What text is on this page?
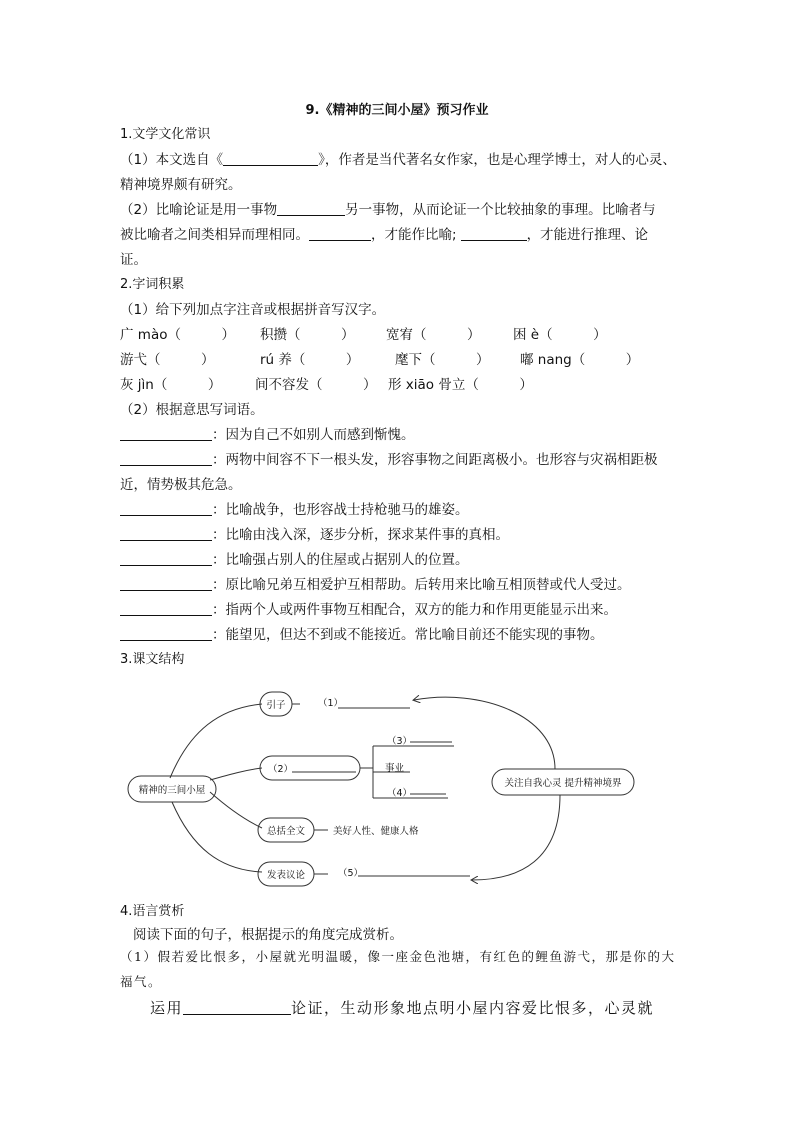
9.《精神的三间小屋》预习作业
1.文学文化常识
（1）本文选自《	》，作者是当代著名女作家，也是心理学博士，对人的心灵、
精神境界颇有研究。
（2）比喻论证是用一事物	另一事物，从而论证一个比较抽象的事理。比喻者与
被比喻者之间类相异而理相同。	，才能作比喻;	，才能进行推理、论
证。
2.字词积累
（1）给下列加点字注音或根据拼音写汉字。
广 mào（　　　） 积攒（　　　） 宽宥（　　　） 困 è（　　　）
游弋（　　　）	rú 养（　　　）	麾下（　　　） 嘟 nang（　　　）
灰 jìn（　　　） 间不容发（　　　） 形 xiāo 骨立（　　　）
（2）根据意思写词语。
：因为自己不如别人而感到惭愧。
：两物中间容不下一根头发，形容事物之间距离极小。也形容与灾祸相距极
近，情势极其危急。
：比喻战争，也形容战士持枪驰马的雄姿。
：比喻由浅入深，逐步分析，探求某件事的真相。
：比喻强占别人的住屋或占据别人的位置。
：原比喻兄弟互相爱护互相帮助。后转用来比喻互相顶替或代人受过。
：指两个人或两件事物互相配合，双方的能力和作用更能显示出来。
：能望见，但达不到或不能接近。常比喻目前还不能实现的事物。
3.课文结构
精神的三间小屋
引子	（1）
（2）
（3）
事业
（4）
总括全文	美好人性、健康人格
发表议论	（5）
关注自我心灵 提升精神境界
4.语言赏析
阅读下面的句子，根据提示的角度完成赏析。
（1）假若爱比恨多，小屋就光明温暖，像一座金色池塘，有红色的鲤鱼游弋，那是你的大
福气。
运用	论证，生动形象地点明小屋内容爱比恨多，心灵就
